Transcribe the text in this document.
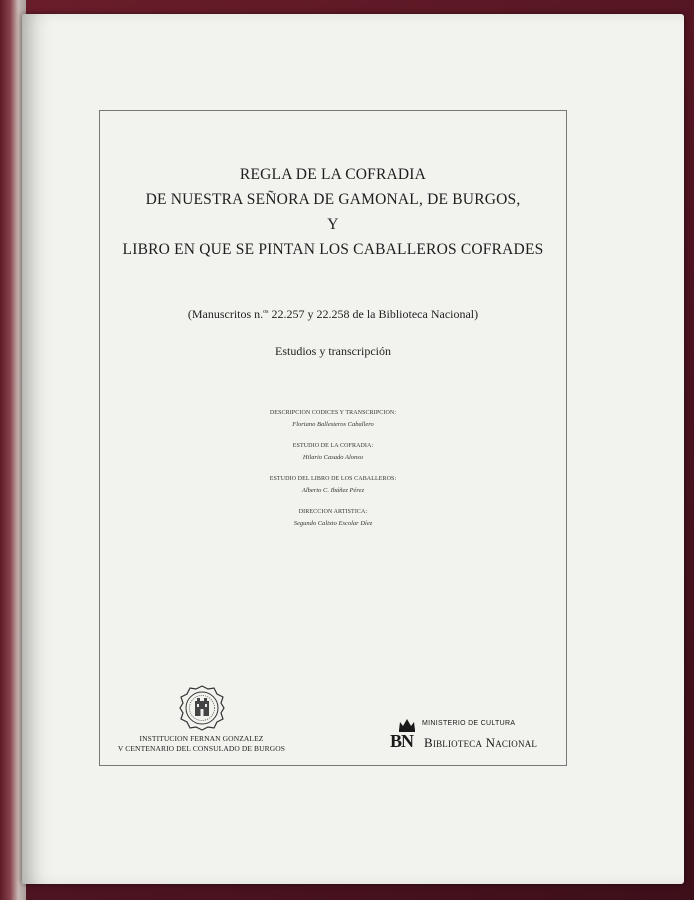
REGLA DE LA COFRADIA
DE NUESTRA SEÑORA DE GAMONAL, DE BURGOS,
Y
LIBRO EN QUE SE PINTAN LOS CABALLEROS COFRADES
(Manuscritos n.$^{os}$ 22.257 y 22.258 de la Biblioteca Nacional)
Estudios y transcripción
DESCRIPCION CODICES Y TRANSCRIPCION:
Floriano Ballesteros Caballero
ESTUDIO DE LA COFRADIA:
Hilario Casado Alonso
ESTUDIO DEL LIBRO DE LOS CABALLEROS:
Alberto C. Ibáñez Pérez
DIRECCION ARTISTICA:
Segundo Calixto Escolar Díez
INSTITUCION FERNAN GONZALEZ
V CENTENARIO DEL CONSULADO DE BURGOS
MINISTERIO DE CULTURA
BN Biblioteca Nacional
